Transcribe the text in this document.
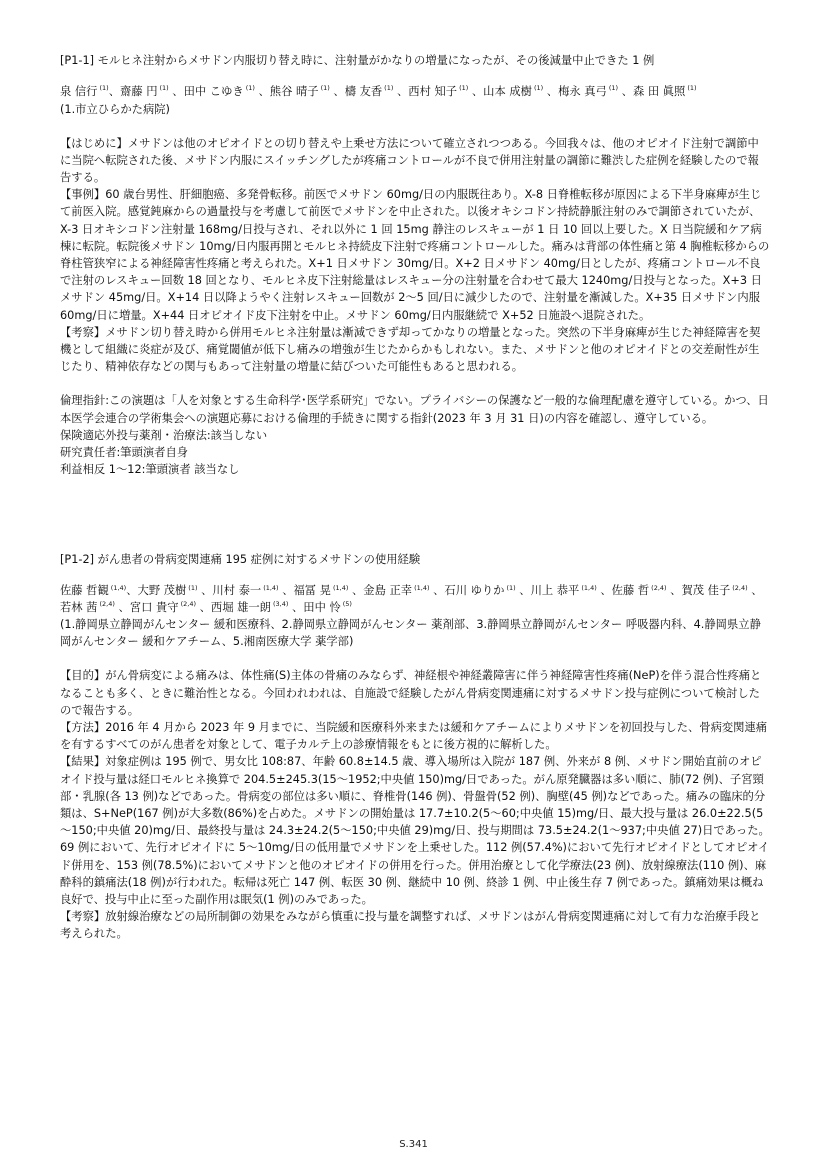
[P1-1] モルヒネ注射からメサドン内服切り替え時に、注射量がかなりの増量になったが、その後減量中止できた 1 例

泉 信行 $^{(1)}$、齋藤 円 $^{(1)}$ 、田中 こゆき $^{(1)}$ 、熊谷 晴子 $^{(1)}$ 、檮 友香 $^{(1)}$ 、西村 知子 $^{(1)}$ 、山本 成樹 $^{(1)}$ 、梅永 真弓 $^{(1)}$ 、森 田 眞照 $^{(1)}$
(1.市立ひらかた病院)

【はじめに】メサドンは他のオピオイドとの切り替えや上乗せ方法について確立されつつある。今回我々は、他のオピオイド注射で調節中に当院へ転院された後、メサドン内服にスイッチングしたが疼痛コントロールが不良で併用注射量の調節に難渋した症例を経験したので報告する。

【事例】60 歳台男性、肝細胞癌、多発骨転移。前医でメサドン 60mg/日の内服既往あり。X-8 日脊椎転移が原因による下半身麻痺が生じて前医入院。感覚鈍麻からの過量投与を考慮して前医でメサドンを中止された。以後オキシコドン持続静脈注射のみで調節されていたが、X-3 日オキシコドン注射量 168mg/日投与され、それ以外に 1 回 15mg 静注のレスキューが 1 日 10 回以上要した。X 日当院緩和ケア病棟に転院。転院後メサドン 10mg/日内服再開とモルヒネ持続皮下注射で疼痛コントロールした。痛みは背部の体性痛と第 4 胸椎転移からの脊柱管狭窄による神経障害性疼痛と考えられた。X+1 日メサドン 30mg/日。X+2 日メサドン 40mg/日としたが、疼痛コントロール不良で注射のレスキュー回数 18 回となり、モルヒネ皮下注射総量はレスキュー分の注射量を合わせて最大 1240mg/日投与となった。X+3 日メサドン 45mg/日。X+14 日以降ようやく注射レスキュー回数が 2～5 回/日に減少したので、注射量を漸減した。X+35 日メサドン内服 60mg/日に増量。X+44 日オピオイド皮下注射を中止。メサドン 60mg/日内服継続で X+52 日施設へ退院された。

【考察】メサドン切り替え時から併用モルヒネ注射量は漸減できず却ってかなりの増量となった。突然の下半身麻痺が生じた神経障害を契機として組織に炎症が及び、痛覚閾値が低下し痛みの増強が生じたからかもしれない。また、メサドンと他のオピオイドとの交差耐性が生じたり、精神依存などの関与もあって注射量の増量に結びついた可能性もあると思われる。

倫理指針:この演題は「人を対象とする生命科学･医学系研究」でない。プライバシーの保護など一般的な倫理配慮を遵守している。かつ、日本医学会連合の学術集会への演題応募における倫理的手続きに関する指針(2023 年 3 月 31 日)の内容を確認し、遵守している。

保険適応外投与薬剤・治療法:該当しない

研究責任者:筆頭演者自身

利益相反 1～12:筆頭演者 該当なし

[P1-2] がん患者の骨病変関連痛 195 症例に対するメサドンの使用経験

佐藤 哲観 $^{(1,4)}$、大野 茂樹 $^{(1)}$ 、川村 泰一 $^{(1,4)}$ 、福冨 晃 $^{(1,4)}$ 、金島 正幸 $^{(1,4)}$ 、石川 ゆりか $^{(1)}$ 、川上 恭平 $^{(1,4)}$ 、佐藤 哲 $^{(2,4)}$ 、賀茂 佳子 $^{(2,4)}$ 、若林 茜 $^{(2,4)}$ 、宮口 貴守 $^{(2,4)}$ 、西堀 雄一朗 $^{(3,4)}$ 、田中 怜 $^{(5)}$
(1.静岡県立静岡がんセンター 緩和医療科、2.静岡県立静岡がんセンター 薬剤部、3.静岡県立静岡がんセンター 呼吸器内科、4.静岡県立静岡がんセンター 緩和ケアチーム、5.湘南医療大学 薬学部)

【目的】がん骨病変による痛みは、体性痛(S)主体の骨痛のみならず、神経根や神経叢障害に伴う神経障害性疼痛(NeP)を伴う混合性疼痛となることも多く、ときに難治性となる。今回われわれは、自施設で経験したがん骨病変関連痛に対するメサドン投与症例について検討したので報告する。

【方法】2016 年 4 月から 2023 年 9 月までに、当院緩和医療科外来または緩和ケアチームによりメサドンを初回投与した、骨病変関連痛を有するすべてのがん患者を対象として、電子カルテ上の診療情報をもとに後方視的に解析した。

【結果】対象症例は 195 例で、男女比 108:87、年齢 60.8±14.5 歳、導入場所は入院が 187 例、外来が 8 例、メサドン開始直前のオピオイド投与量は経口モルヒネ換算で 204.5±245.3(15～1952;中央値 150)mg/日であった。がん原発臓器は多い順に、肺(72 例)、子宮頸部・乳腺(各 13 例)などであった。骨病変の部位は多い順に、脊椎骨(146 例)、骨盤骨(52 例)、胸壁(45 例)などであった。痛みの臨床的分類は、S+NeP(167 例)が大多数(86%)を占めた。メサドンの開始量は 17.7±10.2(5～60;中央値 15)mg/日、最大投与量は 26.0±22.5(5～150;中央値 20)mg/日、最終投与量は 24.3±24.2(5～150;中央値 29)mg/日、投与期間は 73.5±24.2(1～937;中央値 27)日であった。69 例において、先行オピオイドに 5～10mg/日の低用量でメサドンを上乗せした。112 例(57.4%)において先行オピオイドとしてオピオイド併用を、153 例(78.5%)においてメサドンと他のオピオイドの併用を行った。併用治療として化学療法(23 例)、放射線療法(110 例)、麻酔科的鎮痛法(18 例)が行われた。転帰は死亡 147 例、転医 30 例、継続中 10 例、終診 1 例、中止後生存 7 例であった。鎮痛効果は概ね良好で、投与中止に至った副作用は眠気(1 例)のみであった。

【考察】放射線治療などの局所制御の効果をみながら慎重に投与量を調整すれば、メサドンはがん骨病変関連痛に対して有力な治療手段と考えられた。

S.341
